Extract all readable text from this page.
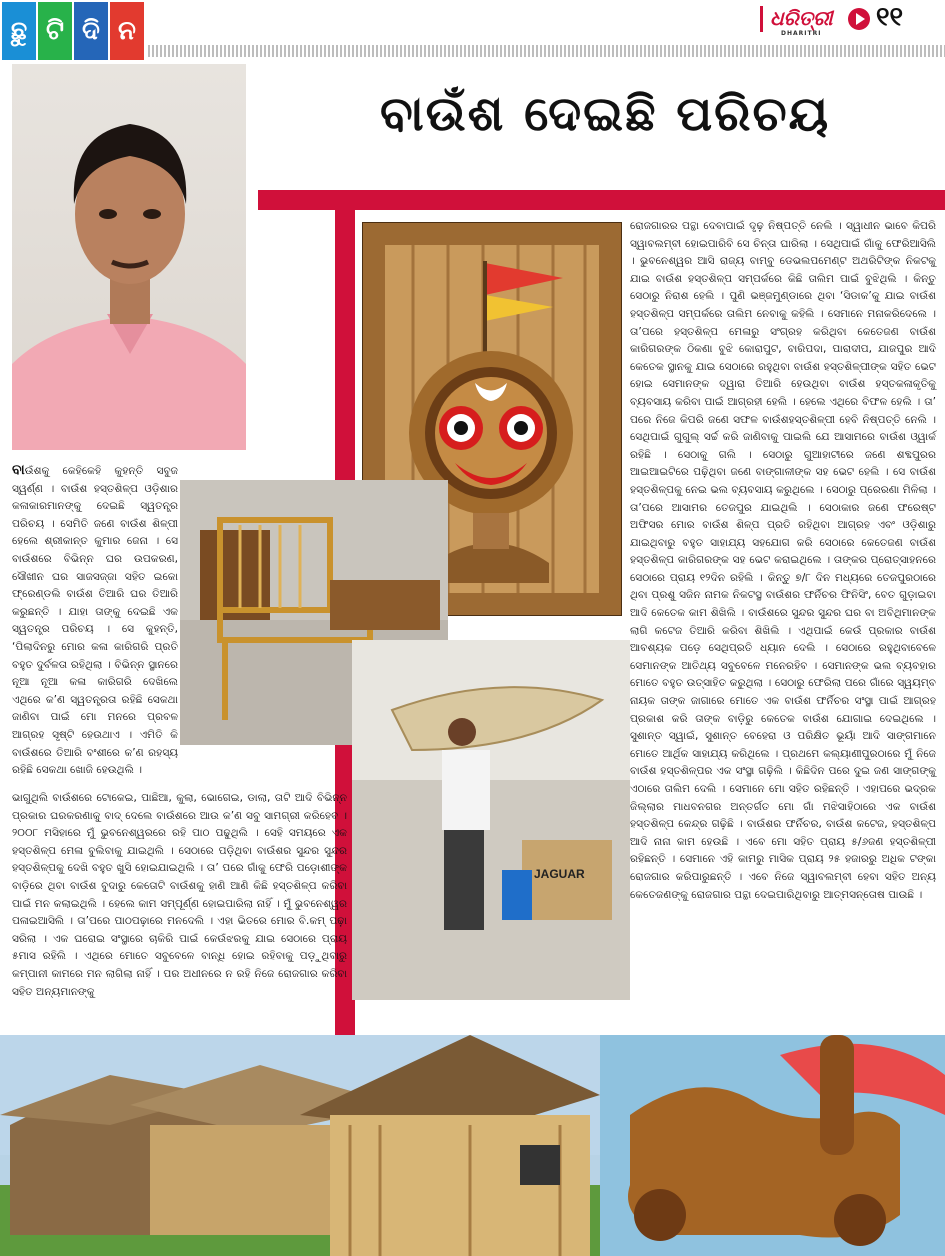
ଛୁ ଟି ଦି ନ	ଧରିତ୍ରୀ
DHARITRI
୧୧
ବାଉଁଶ ଦେଇଛି ପରିଚୟ
JAGUAR
ବାଉଁଶକୁ କେହିକେହି କୁହନ୍ତି ସବୁଜ ସ୍ୱର୍ଣ୍ଣ । ବାଉଁଶ ହସ୍ତଶିଳ୍ପ ଓଡ଼ିଶାର କଳାକାରମାନଙ୍କୁ ଦେଇଛି ସ୍ୱତନ୍ତ୍ର ପରିଚୟ । ସେମିତି ଜଣେ ବାଉଁଶ ଶିଳ୍ପୀ ହେଲେ ଶ୍ରୀକାନ୍ତ କୁମାର ଜେନା । ସେ ବାଉଁଶରେ ବିଭିନ୍ନ ଘର ଉପକରଣ, ସୌଖୀନ ଘର ସାଜସଜ୍ଜା ସହିତ ଇକୋ ଫ୍ରେଣ୍ଡଲି ବାଉଁଶ ତିଆରି ଘର ତିଆରି କରୁଛନ୍ତି । ଯାହା ତାଙ୍କୁ ଦେଇଛି ଏକ ସ୍ୱତନ୍ତ୍ର ପରିଚୟ । ସେ କୁହନ୍ତି, ‘ପିଲାଦିନରୁ ମୋର କଳା କାରିଗରି ପ୍ରତି ବହୁତ ଦୁର୍ବଳତା ରହିଥିଲା । ବିଭିନ୍ନ ସ୍ଥାନରେ ନୂଆ ନୂଆ କଳା କାରିଗରି ଦେଖିଲେ ଏଥିରେ କ’ଣ ସ୍ୱତନ୍ତ୍ରତା ରହିଛି ସେକଥା ଜାଣିବା ପାଇଁ ମୋ ମନରେ ପ୍ରବଳ ଆଗ୍ରହ ସୃଷ୍ଟି ହେଉଥାଏ । ଏମିତି କି ବାଉଁଶରେ ତିଆରି ବଂଶୀରେ କ’ଣ ରହସ୍ୟ ରହିଛି ସେକଥା ଖୋଜି ହେଉଥିଲି ।
ଭାଗୁଥିଲି ବାଉଁଶରେ ଟୋକେଇ, ପାଛିଆ, କୁଲା, ଭୋଗେଇ, ଡାଲା, ତାଟି ଆଦି ବିଭିନ୍ନ ପ୍ରକାର ଘରକରଣାକୁ ବାଦ୍ ଦେଲେ ବାଉଁଶରେ ଆଉ କ’ଣ ସବୁ ସାମଗ୍ରୀ କରିହେବ । ୨୦୦୮ ମସିହାରେ ମୁଁ ଭୁବନେଶ୍ୱରରେ ରହି ପାଠ ପଢୁଥିଲି । ସେହି ସମୟରେ ଏକ ହସ୍ତଶିଳ୍ପ ମେଳା ବୁଲିବାକୁ ଯାଇଥିଲି । ସେଠାରେ ପଡ଼ିଥିବା ବାଉଁଶର ସୁନ୍ଦର ସୁନ୍ଦର ହସ୍ତଶିଳ୍ପକୁ ଦେଖି ବହୁତ ଖୁସି ହୋଇଯାଇଥିଲି । ତା’ ପରେ ଗାଁକୁ ଫେରି ପଡ଼ୋଶୀଙ୍କ ବାଡ଼ିରେ ଥିବା ବାଉଁଶ ବୁଦାରୁ କେତୋଟି ବାଉଁଶକୁ ହାଣି ଆଣି କିଛି ହସ୍ତଶିଳ୍ପ କରିବା ପାଇଁ ମନ କଲାଇଥିଲି । ହେଲେ କାମ ସମ୍ପୂର୍ଣ୍ଣ ହୋଇପାରିଲା ନାହିଁ । ମୁଁ ଭୁବନେଶ୍ୱର ପଳାଇଆସିଲି । ତା’ପରେ ପାଠପଢ଼ାରେ ମନଦେଲି । ଏହା ଭିତରେ ମୋର ବି.କମ୍ ପଢ଼ା ସରିଲା । ଏକ ଘରୋଇ ସଂସ୍ଥାରେ ଚାକିରି ପାଇଁ କେଉଁଝରକୁ ଯାଇ ସେଠାରେ ପ୍ରାୟ ୫ମାସ ରହିଲି । ଏଥିରେ ମୋତେ ସବୁବେଳେ ବାନ୍ଧି ହୋଇ ରହିବାକୁ ପଡ଼ୁଥିବାରୁ କମ୍ପାନୀ କାମରେ ମନ ଲାଗିଲା ନାହିଁ । ପର ଅଧୀନରେ ନ ରହି ନିଜେ ରୋଜଗାର କରିବା ସହିତ ଅନ୍ୟମାନଙ୍କୁ
ରୋଜଗାରର ପନ୍ଥା ଦେବାପାଇଁ ଦୃଢ଼ ନିଷ୍ପତ୍ତି ନେଲି । ସ୍ୱାଧୀନ ଭାବେ କିପରି ସ୍ୱାବଲମ୍ବୀ ହୋଇପାରିବି ସେ ଚିନ୍ତା ଘାରିଲା । ସେଥିପାଇଁ ଗାଁକୁ ଫେରିଆସିଲି । ଭୁବନେଶ୍ୱର ଆସି ରାଜ୍ୟ ବାମ୍ବୁ ଡେଭଲପମେଣ୍ଟ ଅଥରିଟିଙ୍କ ନିକଟକୁ ଯାଇ ବାଉଁଶ ହସ୍ତଶିଳ୍ପ ସମ୍ପର୍କରେ କିଛି ତାଲିମ ପାଇଁ ବୁଝିଥିଲି । କିନ୍ତୁ ସେଠାରୁ ନିରାଶ ହେଲି । ପୁଣି ଭଞ୍ଜମୁଣ୍ଡାରେ ଥିବା ‘ସିଡାକ’କୁ ଯାଇ ବାଉଁଶ ହସ୍ତଶିଳ୍ପ ସମ୍ପର୍କରେ ତାଲିମ ନେବାକୁ କହିଲି । ସେମାନେ ମନାକରିଦେଲେ । ତା’ପରେ ହସ୍ତଶିଳ୍ପ ମେଳାରୁ ସଂଗ୍ରହ କରିଥିବା କେତେଜଣ ବାଉଁଶ କାରିଗରଙ୍କ ଠିକଣା ବୁଝି କୋରାପୁଟ, ବାରିପଦା, ପାରାଦୀପ, ଯାଜପୁର ଆଦି କେତେକ ସ୍ଥାନକୁ ଯାଇ ସେଠାରେ ରହୁଥିବା ବାଉଁଶ ହସ୍ତଶିଳ୍ପୀଙ୍କ ସହିତ ଭେଟ ହୋଇ ସେମାନଙ୍କ ଦ୍ୱାରା ତିଆରି ହେଉଥିବା ବାଉଁଶ ହସ୍ତକଳାକୃତିକୁ ବ୍ୟବସାୟ କରିବା ପାଇଁ ଆଗ୍ରହୀ ହେଲି । ହେଲେ ଏଥିରେ ବିଫଳ ହେଲି । ତା’ ପରେ ନିଜେ କିପରି ଜଣେ ସଫଳ ବାଉଁଶହସ୍ତଶିଳ୍ପୀ ହେବି ନିଷ୍ପତ୍ତି ନେଲି । ସେଥିପାଇଁ ଗୁଗୁଲ୍ ସର୍ଚ୍ଚ କରି ଜାଣିବାକୁ ପାଇଲି ଯେ ଆସାମରେ ବାଉଁଶ ଓ୍ୱାର୍କ ରହିଛି । ସେଠାକୁ ଗଲି । ସେଠାରୁ ଗୁଆହାଟୀରେ ଜଣେ ଶବ୍ଦପୁରର ଆଇଆଇଟିରେ ପଢ଼ିଥିବା ଜଣେ ବାଙ୍ଗାଳୀଙ୍କ ସହ ଭେଟ ହେଲି । ସେ ବାଉଁଶ ହସ୍ତଶିଳ୍ପକୁ ନେଇ ଭଲ ବ୍ୟବସାୟ କରୁଥିଲେ । ସେଠାରୁ ପ୍ରେରଣା ମିଳିଲା । ତା’ପରେ ଆସାମର ତେଜପୁର ଯାଇଥିଲି । ସେଠାକାର ଜଣେ ଫରେଷ୍ଟ ଅଫିସର ମୋର ବାଉଁଶ ଶିଳ୍ପ ପ୍ରତି ରହିଥିବା ଆଗ୍ରହ ଏବଂ ଓଡ଼ିଶାରୁ ଯାଇଥିବାରୁ ବହୁତ ସାହାଯ୍ୟ ସହଯୋଗ କରି ସେଠାରେ କେତେଜଣ ବାଉଁଶ ହସ୍ତଶିଳ୍ପ କାରିଗରଙ୍କ ସହ ଭେଟ କରାଇଥିଲେ । ତାଙ୍କର ପ୍ରୋତ୍ସାହନରେ ସେଠାରେ ପ୍ରାୟ ୧୨ଦିନ ରହିଲି । କିନ୍ତୁ ୭/୮ ଦିନ ମଧ୍ୟରେ ତେଜପୁରଠାରେ ଥିବା ପ୍ରଶୁ ସଜିନ ନାମକ ନିକଟସ୍ଥ ବାଉଁଶର ଫର୍ନିଚର ଫିନିସିଂ, ବେତ ଗୁଡ଼ାଇବା ଆଦି କେତେକ କାମ ଶିଖିଲି । ବାଉଁଶରେ ସୁନ୍ଦର ସୁନ୍ଦର ଘର ବା ଅବିଥିମାନଙ୍କ ଲାଗି କଟେଜ ତିଆରି କରିବା ଶିଖିଲି । ଏଥିପାଇଁ କେଉଁ ପ୍ରକାର ବାଉଁଶ ଆବଶ୍ୟକ ପଡ଼େ ସେଥିପ୍ରତି ଧ୍ୟାନ ଦେଲି । ସେଠାରେ ରହୁଥିବାବେଳେ ସେମାନଙ୍କ ଆତିଥ୍ୟ ସବୁବେଳେ ମନେରହିବ । ସେମାନଙ୍କ ଭଲ ବ୍ୟବହାର ମୋତେ ବହୁତ ଉତ୍ସାହିତ କରୁଥିଲା । ସେଠାରୁ ଫେରିଲା ପରେ ଗାଁରେ ସ୍ୱୟମ୍ବ ନାୟକ ତାଙ୍କ ଜାଗାରେ ମୋତେ ଏକ ବାଉଁଶ ଫର୍ନିଚର ସଂସ୍ଥା ପାଇଁ ଆଗ୍ରହ ପ୍ରକାଶ କରି ତାଙ୍କ ବାଡ଼ିରୁ କେତେକ ବାଉଁଶ ଯୋଗାଇ ଦେଇଥିଲେ । ସୁଶାନ୍ତ ସ୍ୱାଇଁ, ସୁଶାନ୍ତ ବେହେରା ଓ ପରିକ୍ଷିତ ଭୂୟାଁ ଆଦି ସାଙ୍ଗମାନେ ମୋତେ ଆର୍ଥିକ ସାହାଯ୍ୟ କରିଥିଲେ । ପ୍ରଥମେ କଲ୍ୟାଣୀପୁରଠାରେ ମୁଁ ନିଜେ ବାଉଁଶ ହସ୍ତଶିଳ୍ପର ଏକ ସଂସ୍ଥା ଗଢ଼ିଲି । କିଛିଦିନ ପରେ ଦୁଇ ଜଣ ସାଙ୍ଗଙ୍କୁ ଏଠାରେ ତାଲିମ ଦେଲି । ସେମାନେ ମୋ ସହିତ ରହିଛନ୍ତି । ଏହାପରେ ଭଦ୍ରକ ଜିଲ୍ଲାର ମାଧବନଗର ଅନ୍ତର୍ଗତ ମୋ ଗାଁ ମଝିସାହିଠାରେ ଏକ ବାଉଁଶ ହସ୍ତଶିଳ୍ପ କେନ୍ଦ୍ର ଗଢ଼ିଛି । ବାଉଁଶର ଫର୍ନିଚର, ବାଉଁଶ କଟେଜ, ହସ୍ତଶିଳ୍ପ ଆଦି ନାନା କାମ ହେଉଛି । ଏବେ ମୋ ସହିତ ପ୍ରାୟ ୫/୬ଜଣ ହସ୍ତଶିଳ୍ପୀ ରହିଛନ୍ତି । ସେମାନେ ଏହି କାମରୁ ମାସିକ ପ୍ରାୟ ୨୫ ହଜାରରୁ ଅଧିକ ଟଙ୍କା ରୋଜଗାର କରିପାରୁଛନ୍ତି । ଏବେ ନିଜେ ସ୍ୱାବଲମ୍ବୀ ହେବା ସହିତ ଅନ୍ୟ କେତେଜଣଙ୍କୁ ରୋଜଗାର ପନ୍ଥା ଦେଇପାରିଥିବାରୁ ଆତ୍ମସନ୍ତୋଷ ପାଉଛି ।
